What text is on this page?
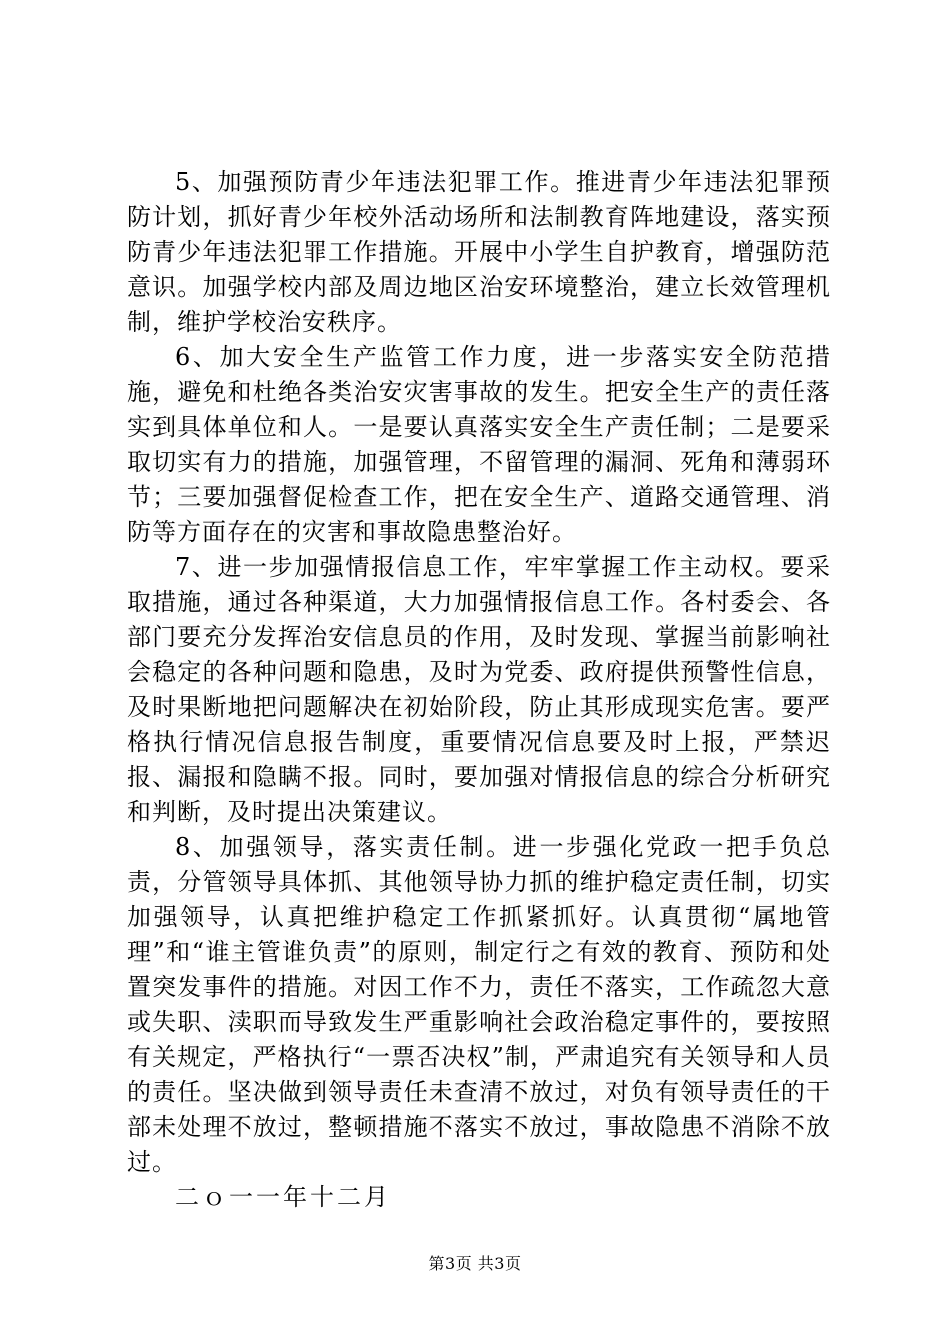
5、加强预防青少年违法犯罪工作。推进青少年违法犯罪预防计划，抓好青少年校外活动场所和法制教育阵地建设，落实预防青少年违法犯罪工作措施。开展中小学生自护教育，增强防范意识。加强学校内部及周边地区治安环境整治，建立长效管理机制，维护学校治安秩序。

6、加大安全生产监管工作力度，进一步落实安全防范措施，避免和杜绝各类治安灾害事故的发生。把安全生产的责任落实到具体单位和人。一是要认真落实安全生产责任制；二是要采取切实有力的措施，加强管理，不留管理的漏洞、死角和薄弱环节；三要加强督促检查工作，把在安全生产、道路交通管理、消防等方面存在的灾害和事故隐患整治好。

7、进一步加强情报信息工作，牢牢掌握工作主动权。要采取措施，通过各种渠道，大力加强情报信息工作。各村委会、各部门要充分发挥治安信息员的作用，及时发现、掌握当前影响社会稳定的各种问题和隐患，及时为党委、政府提供预警性信息，及时果断地把问题解决在初始阶段，防止其形成现实危害。要严格执行情况信息报告制度，重要情况信息要及时上报，严禁迟报、漏报和隐瞒不报。同时，要加强对情报信息的综合分析研究和判断，及时提出决策建议。

8、加强领导，落实责任制。进一步强化党政一把手负总责，分管领导具体抓、其他领导协力抓的维护稳定责任制，切实加强领导，认真把维护稳定工作抓紧抓好。认真贯彻“属地管理”和“谁主管谁负责”的原则，制定行之有效的教育、预防和处置突发事件的措施。对因工作不力，责任不落实，工作疏忽大意或失职、渎职而导致发生严重影响社会政治稳定事件的，要按照有关规定，严格执行“一票否决权”制，严肃追究有关领导和人员的责任。坚决做到领导责任未查清不放过，对负有领导责任的干部未处理不放过，整顿措施不落实不放过，事故隐患不消除不放过。

二ｏ一一年十二月

第3页 共3页
